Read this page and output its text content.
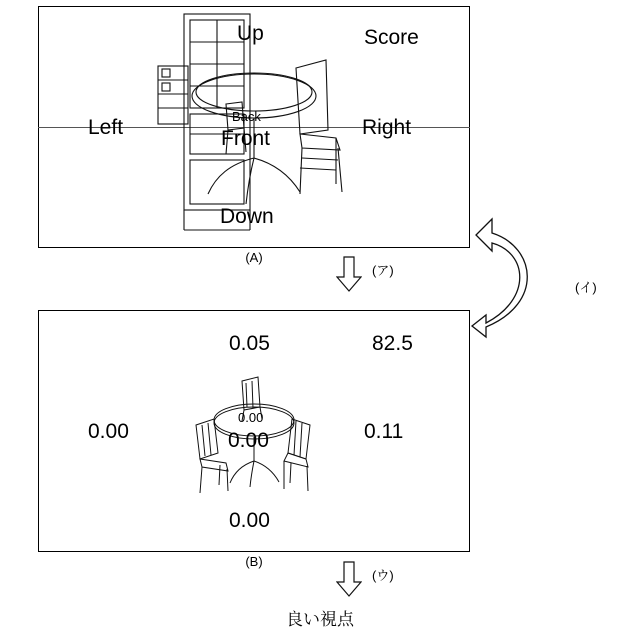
Up	Score
Left	Right
Front
Back
Down
(A)
(ア)
0.05	82.5
0.00	0.11
0.00
0.00
0.00
(B)
(ウ)
(イ)
良い視点
